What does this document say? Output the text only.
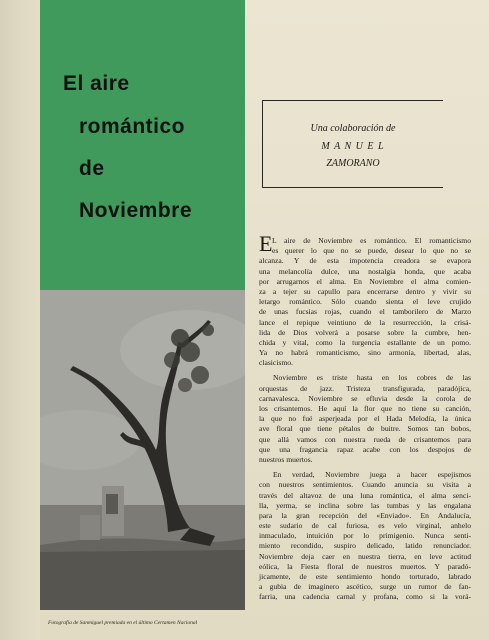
El aire
romántico
de
Noviembre
Una colaboración de
M A N U E L
ZAMORANO
Fotografía de Sanmiguel premiada en el último Certamen Nacional
E L aire de Noviembre es romántico. El romanticismo
es querer lo que no se puede, desear lo que no se
alcanza. Y de esta impotencia creadora se evapora
una melancolía dulce, una nostalgia honda, que acaba
por arrugarnos el alma. En Noviembre el alma comien-
za a tejer su capullo para encerrarse dentro y vivir su
letargo romántico. Sólo cuando sienta el leve crujido
de unas fucsias rojas, cuando el tamborilero de Marzo
lance el repique veintiuno de la resurrección, la crisá-
lida de Dios volverá a posarse sobre la cumbre, hen-
chida y vital, como la turgencia estallante de un pomo.
Ya no habrá romanticismo, sino armonía, libertad, alas,
clasicismo.
Noviembre es triste hasta en los cobres de las
orquestas de jazz. Tristeza transfigurada, paradójica,
carnavalesca. Noviembre se efluvia desde la corola de
los crisantemos. He aquí la flor que no tiene su canción,
la que no fué asperjeada por el Hada Melodía, la única
ave floral que tiene pétalos de buitre. Somos tan bobos,
que allá vamos con nuestra rueda de crisantemos para
que una fragancia rapaz acabe con los despojos de
nuestros muertos.
En verdad, Noviembre juega a hacer espejismos
con nuestros sentimientos. Cuando anuncia su visita a
través del altavoz de una luna romántica, el alma senci-
lla, yerma, se inclina sobre las tumbas y las engalana
para la gran recepción del «Enviado». En Andalucía,
este sudario de cal furiosa, es velo virginal, anhelo
inmaculado, intuición por lo primigenio. Nunca senti-
miento recondido, suspiro delicado, latido renunciador.
Noviembre deja caer en nuestra tierra, en leve actitud
eólica, la Fiesta floral de nuestros muertos. Y paradó-
jicamente, de este sentimiento hondo torturado, labrado
a gubia de imaginero ascético, surge un rumor de fan-
farria, una cadencia carnal y profana, como si la vorá-
